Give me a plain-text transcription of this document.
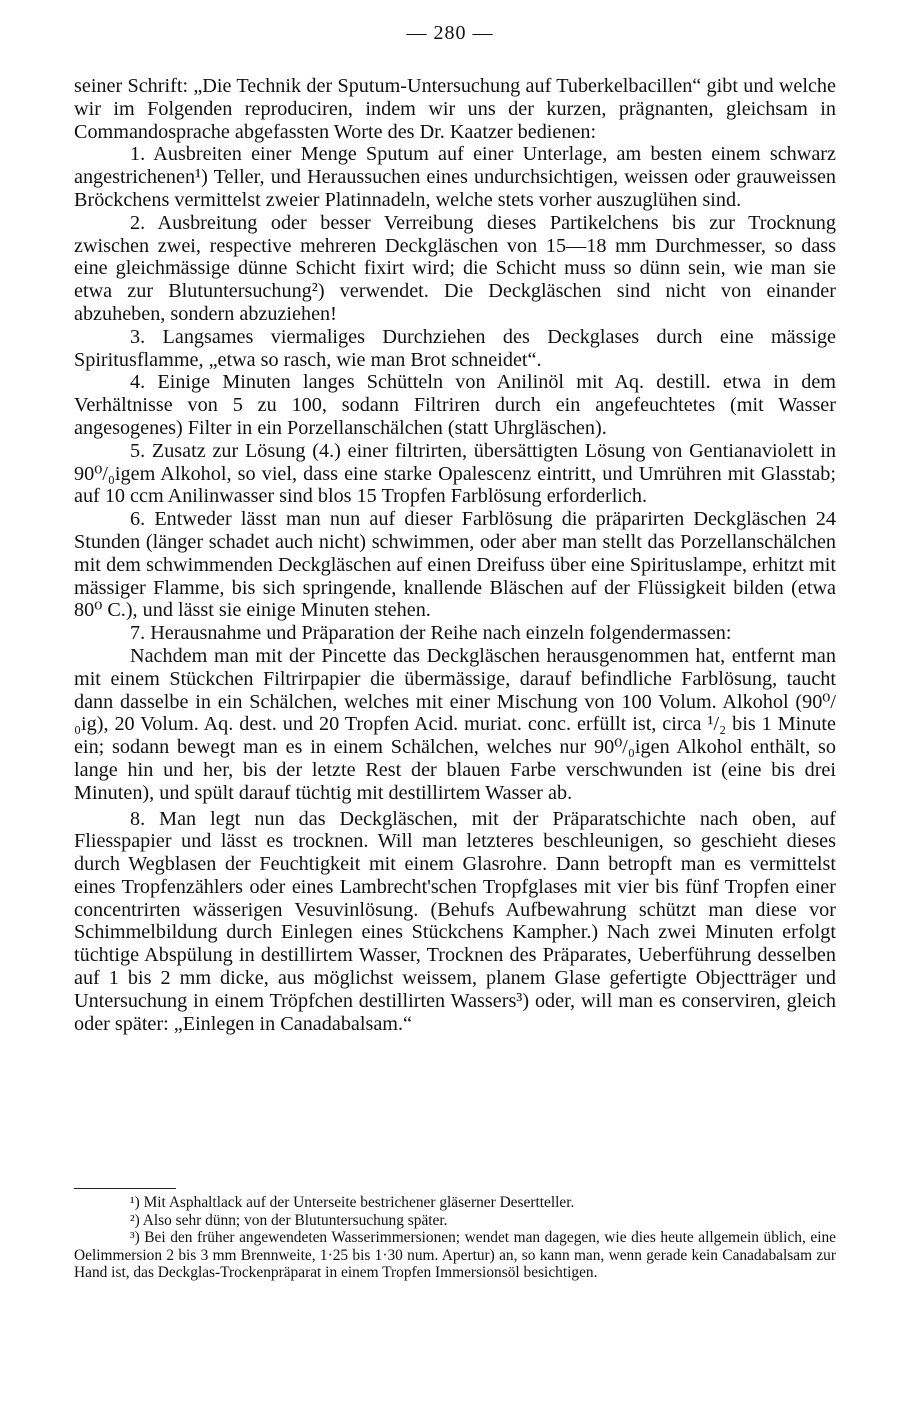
— 280 —

seiner Schrift: „Die Technik der Sputum-Untersuchung auf Tuberkelbacillen“ gibt und welche wir im Folgenden reproduciren, indem wir uns der kurzen, prägnanten, gleichsam in Commandosprache abgefassten Worte des Dr. Kaatzer bedienen:

1. Ausbreiten einer Menge Sputum auf einer Unterlage, am besten einem schwarz angestrichenen¹) Teller, und Heraussuchen eines undurchsichtigen, weissen oder grauweissen Bröckchens vermittelst zweier Platinnadeln, welche stets vorher auszuglühen sind.

2. Ausbreitung oder besser Verreibung dieses Partikelchens bis zur Trocknung zwischen zwei, respective mehreren Deckgläschen von 15—18 mm Durchmesser, so dass eine gleichmässige dünne Schicht fixirt wird; die Schicht muss so dünn sein, wie man sie etwa zur Blutuntersuchung²) verwendet. Die Deckgläschen sind nicht von einander abzuheben, sondern abzuziehen!

3. Langsames viermaliges Durchziehen des Deckglases durch eine mässige Spiritusflamme, „etwa so rasch, wie man Brot schneidet“.

4. Einige Minuten langes Schütteln von Anilinöl mit Aq. destill. etwa in dem Verhältnisse von 5 zu 100, sodann Filtriren durch ein angefeuchtetes (mit Wasser angesogenes) Filter in ein Porzellanschälchen (statt Uhrgläschen).

5. Zusatz zur Lösung (4.) einer filtrirten, übersättigten Lösung von Gentianaviolett in 90⁰/₀igem Alkohol, so viel, dass eine starke Opalescenz eintritt, und Umrühren mit Glasstab; auf 10 ccm Anilinwasser sind blos 15 Tropfen Farblösung erforderlich.

6. Entweder lässt man nun auf dieser Farblösung die präparirten Deckgläschen 24 Stunden (länger schadet auch nicht) schwimmen, oder aber man stellt das Porzellanschälchen mit dem schwimmenden Deckgläschen auf einen Dreifuss über eine Spirituslampe, erhitzt mit mässiger Flamme, bis sich springende, knallende Bläschen auf der Flüssigkeit bilden (etwa 80⁰ C.), und lässt sie einige Minuten stehen.

7. Herausnahme und Präparation der Reihe nach einzeln folgendermassen:

Nachdem man mit der Pincette das Deckgläschen herausgenommen hat, entfernt man mit einem Stückchen Filtrirpapier die übermässige, darauf befindliche Farblösung, taucht dann dasselbe in ein Schälchen, welches mit einer Mischung von 100 Volum. Alkohol (90⁰/₀ig), 20 Volum. Aq. dest. und 20 Tropfen Acid. muriat. conc. erfüllt ist, circa ¹/₂ bis 1 Minute ein; sodann bewegt man es in einem Schälchen, welches nur 90⁰/₀igen Alkohol enthält, so lange hin und her, bis der letzte Rest der blauen Farbe verschwunden ist (eine bis drei Minuten), und spült darauf tüchtig mit destillirtem Wasser ab.

8. Man legt nun das Deckgläschen, mit der Präparatschichte nach oben, auf Fliesspapier und lässt es trocknen. Will man letzteres beschleunigen, so geschieht dieses durch Wegblasen der Feuchtigkeit mit einem Glasrohre. Dann betropft man es vermittelst eines Tropfenzählers oder eines Lambrecht'schen Tropfglases mit vier bis fünf Tropfen einer concentrirten wässerigen Vesuvinlösung. (Behufs Aufbewahrung schützt man diese vor Schimmelbildung durch Einlegen eines Stückchens Kampher.) Nach zwei Minuten erfolgt tüchtige Abspülung in destillirtem Wasser, Trocknen des Präparates, Ueberführung desselben auf 1 bis 2 mm dicke, aus möglichst weissem, planem Glase gefertigte Objectträger und Untersuchung in einem Tröpfchen destillirten Wassers³) oder, will man es conserviren, gleich oder später: „Einlegen in Canadabalsam.“

¹) Mit Asphaltlack auf der Unterseite bestrichener gläserner Desertteller.

²) Also sehr dünn; von der Blutuntersuchung später.

³) Bei den früher angewendeten Wasserimmersionen; wendet man dagegen, wie dies heute allgemein üblich, eine Oelimmersion 2 bis 3 mm Brennweite, 1·25 bis 1·30 num. Apertur) an, so kann man, wenn gerade kein Canadabalsam zur Hand ist, das Deckglas-Trockenpräparat in einem Tropfen Immersionsöl besichtigen.
